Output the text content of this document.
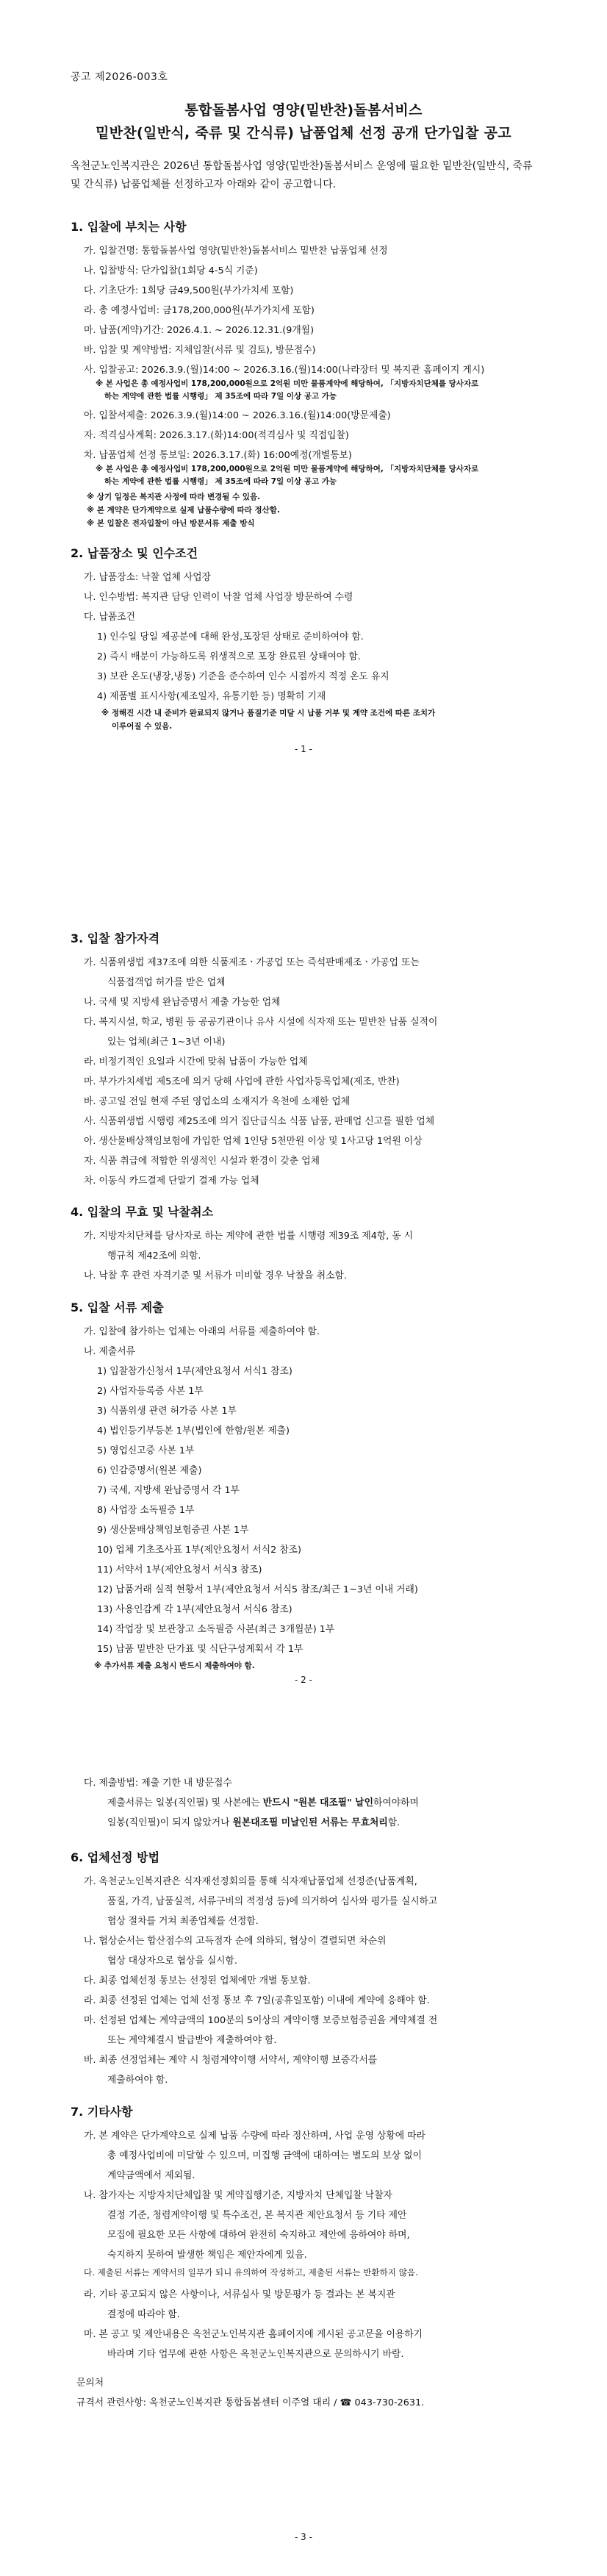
공고 제2026-003호
통합돌봄사업 영양(밑반찬)돌봄서비스
밑반찬(일반식, 죽류 및 간식류) 납품업체 선정 공개 단가입찰 공고
옥천군노인복지관은 2026년 통합돌봄사업 영양(밑반찬)돌봄서비스 운영에 필요한 밑반찬(일반식, 죽류 및 간식류) 납품업체를 선정하고자 아래와 같이 공고합니다.
1. 입찰에 부치는 사항
가. 입찰건명: 통합돌봄사업 영양(밑반찬)돌봄서비스 밑반찬 납품업체 선정
나. 입찰방식: 단가입찰(1회당 4-5식 기준)
다. 기초단가: 1회당 금49,500원(부가가치세 포함)
라. 총 예정사업비: 금178,200,000원(부가가치세 포함)
마. 납품(계약)기간: 2026.4.1. ~ 2026.12.31.(9개월)
바. 입찰 및 계약방법: 지체입찰(서류 및 검토), 방문접수)
사. 입찰공고: 2026.3.9.(월)14:00 ~ 2026.3.16.(월)14:00(나라장터 및 복지관 홈페이지 게시)
※ 본 사업은 총 예정사업비 178,200,000원으로 2억원 미만 물품계약에 해당하여, 「지방자치단체를 당사자로
하는 계약에 관한 법률 시행령」 제 35조에 따라 7일 이상 공고 가능
아. 입찰서제출: 2026.3.9.(월)14:00 ~ 2026.3.16.(월)14:00(방문제출)
자. 적격심사계획: 2026.3.17.(화)14:00(적격심사 및 직접입찰)
차. 납품업체 선정 통보일: 2026.3.17.(화) 16:00예정(개별통보)
※ 본 사업은 총 예정사업비 178,200,000원으로 2억원 미만 물품계약에 해당하여, 「지방자치단체를 당사자로
하는 계약에 관한 법률 시행령」 제 35조에 따라 7일 이상 공고 가능
※ 상기 일정은 복지관 사정에 따라 변경될 수 있음.
※ 본 계약은 단가계약으로 실제 납품수량에 따라 정산함.
※ 본 입찰은 전자입찰이 아닌 방문서류 제출 방식
2. 납품장소 및 인수조건
가. 납품장소: 낙찰 업체 사업장
나. 인수방법: 복지관 담당 인력이 낙찰 업체 사업장 방문하여 수령
다. 납품조건
1) 인수일 당일 제공분에 대해 완성,포장된 상태로 준비하여야 함.
2) 즉시 배분이 가능하도록 위생적으로 포장 완료된 상태여야 함.
3) 보관 온도(냉장,냉동) 기준을 준수하여 인수 시점까지 적정 온도 유지
4) 제품별 표시사항(제조일자, 유통기한 등) 명확히 기재
※ 정해진 시간 내 준비가 완료되지 않거나 품질기준 미달 시 납품 거부 및 계약 조건에 따른 조치가
이루어질 수 있음.
- 1 -
3. 입찰 참가자격
가. 식품위생법 제37조에 의한 식품제조ㆍ가공업 또는 즉석판매제조ㆍ가공업 또는
식품접객업 허가를 받은 업체
나. 국세 및 지방세 완납증명서 제출 가능한 업체
다. 복지시설, 학교, 병원 등 공공기관이나 유사 시설에 식자재 또는 밑반찬 납품 실적이
있는 업체(최근 1~3년 이내)
라. 비정기적인 요일과 시간에 맞춰 납품이 가능한 업체
마. 부가가치세법 제5조에 의거 당해 사업에 관한 사업자등록업체(제조, 반찬)
바. 공고일 전일 현재 주된 영업소의 소재지가 옥천에 소재한 업체
사. 식품위생법 시행령 제25조에 의거 집단급식소 식품 납품, 판매업 신고를 필한 업체
아. 생산물배상책임보험에 가입한 업체 1인당 5천만원 이상 및 1사고당 1억원 이상
자. 식품 취급에 적합한 위생적인 시설과 환경이 갖춘 업체
차. 이동식 카드결제 단말기 결제 가능 업체
4. 입찰의 무효 및 낙찰취소
가. 지방자치단체를 당사자로 하는 계약에 관한 법률 시행령 제39조 제4항, 동 시
행규칙 제42조에 의함.
나. 낙찰 후 관련 자격기준 및 서류가 미비할 경우 낙찰을 취소함.
5. 입찰 서류 제출
가. 입찰에 참가하는 업체는 아래의 서류를 제출하여야 함.
나. 제출서류
1) 입찰참가신청서 1부(제안요청서 서식1 참조)
2) 사업자등록증 사본 1부
3) 식품위생 관련 허가증 사본 1부
4) 법인등기부등본 1부(법인에 한함/원본 제출)
5) 영업신고증 사본 1부
6) 인감증명서(원본 제출)
7) 국세, 지방세 완납증명서 각 1부
8) 사업장 소독필증 1부
9) 생산물배상책임보험증권 사본 1부
10) 업체 기초조사표 1부(제안요청서 서식2 참조)
11) 서약서 1부(제안요청서 서식3 참조)
12) 납품거래 실적 현황서 1부(제안요청서 서식5 참조/최근 1~3년 이내 거래)
13) 사용인감계 각 1부(제안요청서 서식6 참조)
14) 작업장 및 보관창고 소독필증 사본(최근 3개월분) 1부
15) 납품 밑반찬 단가표 및 식단구성계획서 각 1부
※ 추가서류 제출 요청시 반드시 제출하여야 함.
- 2 -
다. 제출방법: 제출 기한 내 방문접수
제출서류는 일봉(직인필) 및 사본에는 반드시 "원본 대조필" 날인하여야하며
일봉(직인필)이 되지 않았거나 원본대조필 미날인된 서류는 무효처리함.
6. 업체선정 방법
가. 옥천군노인복지관은 식자재선정회의를 통해 식자재납품업체 선정준(납품계획,
품질, 가격, 납품실적, 서류구비의 적정성 등)에 의거하여 심사와 평가를 실시하고
협상 절차를 거쳐 최종업체를 선정함.
나. 협상순서는 합산점수의 고득점자 순에 의하되, 협상이 결렬되면 차순위
협상 대상자으로 협상을 실시함.
다. 최종 업체선정 통보는 선정된 업체에만 개별 통보함.
라. 최종 선정된 업체는 업체 선정 통보 후 7일(공휴일포함) 이내에 계약에 응해야 함.
마. 선정된 업체는 계약금액의 100분의 5이상의 계약이행 보증보험증권을 계약체결 전
또는 계약체결시 발급받아 제출하여야 함.
바. 최종 선정업체는 계약 시 청렴계약이행 서약서, 계약이행 보증각서를
제출하여야 함.
7. 기타사항
가. 본 계약은 단가계약으로 실제 납품 수량에 따라 정산하며, 사업 운영 상황에 따라
총 예정사업비에 미달할 수 있으며, 미집행 금액에 대하여는 별도의 보상 없이
계약금액에서 제외됨.
나. 참가자는 지방자치단체입찰 및 계약집행기준, 지방자치 단체입찰 낙찰자
결정 기준, 청렴계약이행 및 특수조건, 본 복지관 제안요청서 등 기타 제안
모집에 필요한 모든 사항에 대하여 완전히 숙지하고 제안에 응하여야 하며,
숙지하지 못하여 발생한 책임은 제안자에게 있음.
다. 제출된 서류는 계약서의 일부가 되니 유의하여 작성하고, 제출된 서류는 반환하지 않음.
라. 기타 공고되지 않은 사항이나, 서류심사 및 방문평가 등 결과는 본 복지관
결정에 따라야 함.
마. 본 공고 및 제안내용은 옥천군노인복지관 홈페이지에 게시된 공고문을 이용하기
바라며 기타 업무에 관한 사항은 옥천군노인복지관으로 문의하시기 바람.
문의처
규격서 관련사항: 옥천군노인복지관 통합돌봄센터 이주열 대리 / ☎ 043-730-2631.
- 3 -
